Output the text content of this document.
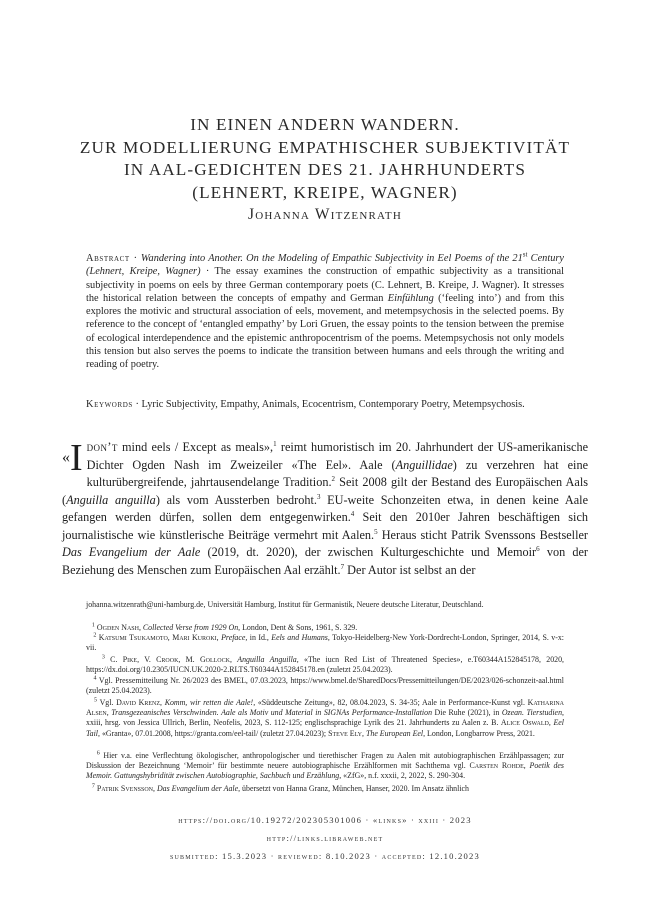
IN EINEN ANDERN WANDERN.
ZUR MODELLIERUNG EMPATHISCHER SUBJEKTIVITÄT
IN AAL-GEDICHTEN DES 21. JAHRHUNDERTS
(LEHNERT, KREIPE, WAGNER)
Johanna Witzenrath
Abstract · Wandering into Another. On the Modeling of Empathic Subjectivity in Eel Poems of the 21st Century (Lehnert, Kreipe, Wagner) · The essay examines the construction of empathic subjectivity as a transitional subjectivity in poems on eels by three German contemporary poets (C. Lehnert, B. Kreipe, J. Wagner). It stresses the historical relation between the concepts of empathy and German Einfühlung (‘feeling into’) and from this explores the motivic and structural association of eels, movement, and metempsychosis in the selected poems. By reference to the concept of ‘entangled empathy’ by Lori Gruen, the essay points to the tension between the premise of ecological interdependence and the epistemic anthropocentrism of the poems. Metempsychosis not only models this tension but also serves the poems to indicate the transition between humans and eels through the writing and reading of poetry.
Keywords · Lyric Subjectivity, Empathy, Animals, Ecocentrism, Contemporary Poetry, Metempsychosis.
«I don’t mind eels / Except as meals»,$^1$ reimt humoristisch im 20. Jahrhundert der US-amerikanische Dichter Ogden Nash im Zweizeiler «The Eel». Aale (Anguillidae) zu verzehren hat eine kulturübergreifende, jahrtausendelange Tradition.$^2$ Seit 2008 gilt der Bestand des Europäischen Aals (Anguilla anguilla) als vom Aussterben bedroht.$^3$ EU-weite Schonzeiten etwa, in denen keine Aale gefangen werden dürfen, sollen dem entgegenwirken.$^4$ Seit den 2010er Jahren beschäftigen sich journalistische wie künstlerische Beiträge vermehrt mit Aalen.$^5$ Heraus sticht Patrik Svenssons Bestseller Das Evangelium der Aale (2019, dt. 2020), der zwischen Kulturgeschichte und Memoir$^6$ von der Beziehung des Menschen zum Europäischen Aal erzählt.$^7$ Der Autor ist selbst an der
johanna.witzenrath@uni-hamburg.de, Universität Hamburg, Institut für Germanistik, Neuere deutsche Literatur, Deutschland.
$^1$ Ogden Nash, Collected Verse from 1929 On, London, Dent & Sons, 1961, S. 329.
$^2$ Katsumi Tsukamoto, Mari Kuroki, Preface, in Id., Eels and Humans, Tokyo-Heidelberg-New York-Dordrecht-London, Springer, 2014, S. v-x: vii.
$^3$ C. Pike, V. Crook, M. Gollock, Anguilla Anguilla, «The iucn Red List of Threatened Species», e.T60344A152845178, 2020, https://dx.doi.org/10.2305/IUCN.UK.2020-2.RLTS.T60344A152845178.en (zuletzt 25.04.2023).
$^4$ Vgl. Pressemitteilung Nr. 26/2023 des BMEL, 07.03.2023, https://www.bmel.de/SharedDocs/Pressemitteilungen/DE/2023/026-schonzeit-aal.html (zuletzt 25.04.2023).
$^5$ Vgl. David Krenz, Komm, wir retten die Aale!, «Süddeutsche Zeitung», 82, 08.04.2023, S. 34-35; Aale in Performance-Kunst vgl. Katharina Alsen, Transgezeanisches Verschwinden. Aale als Motiv und Material in SIGNAs Performance-Installation Die Ruhe (2021), in Ozean. Tierstudien, xxiii, hrsg. von Jessica Ullrich, Berlin, Neofelis, 2023, S. 112-125; englischsprachige Lyrik des 21. Jahrhunderts zu Aalen z. B. Alice Oswald, Eel Tail, «Granta», 07.01.2008, https://granta.com/eel-tail/ (zuletzt 27.04.2023); Steve Ely, The European Eel, London, Longbarrow Press, 2021.
$^6$ Hier v.a. eine Verflechtung ökologischer, anthropologischer und tierethischer Fragen zu Aalen mit autobiographischen Erzählpassagen; zur Diskussion der Bezeichnung ‘Memoir’ für bestimmte neuere autobiographische Erzählformen mit Sachthema vgl. Carsten Rohde, Poetik des Memoir. Gattungshybridität zwischen Autobiographie, Sachbuch und Erzählung, «ZfG», n.f. xxxii, 2, 2022, S. 290-304.
$^7$ Patrik Svensson, Das Evangelium der Aale, übersetzt von Hanna Granz, München, Hanser, 2020. Im Ansatz ähnlich
https://doi.org/10.19272/202305301006 · «links» · xxiii · 2023
http://links.libraweb.net
submitted: 15.3.2023 · reviewed: 8.10.2023 · accepted: 12.10.2023
